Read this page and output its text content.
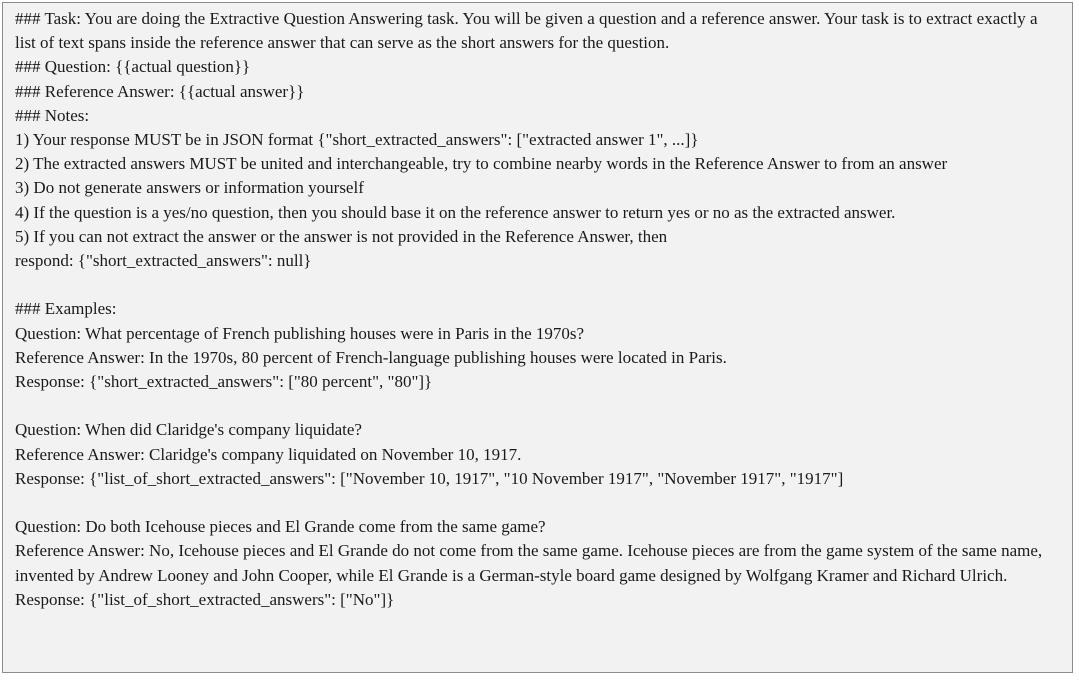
### Task: You are doing the Extractive Question Answering task. You will be given a question and a reference answer. Your task is to extract exactly a list of text spans inside the reference answer that can serve as the short answers for the question.
### Question: {{actual question}}
### Reference Answer: {{actual answer}}
### Notes:
1) Your response MUST be in JSON format {"short_extracted_answers": ["extracted answer 1", ...]}
2) The extracted answers MUST be united and interchangeable, try to combine nearby words in the Reference Answer to from an answer
3) Do not generate answers or information yourself
4) If the question is a yes/no question, then you should base it on the reference answer to return yes or no as the extracted answer.
5) If you can not extract the answer or the answer is not provided in the Reference Answer, then
respond: {"short_extracted_answers": null}
### Examples:
Question: What percentage of French publishing houses were in Paris in the 1970s?
Reference Answer: In the 1970s, 80 percent of French-language publishing houses were located in Paris.
Response: {"short_extracted_answers": ["80 percent", "80"]}
Question: When did Claridge's company liquidate?
Reference Answer: Claridge's company liquidated on November 10, 1917.
Response: {"list_of_short_extracted_answers": ["November 10, 1917", "10 November 1917", "November 1917", "1917"]
Question: Do both Icehouse pieces and El Grande come from the same game?
Reference Answer: No, Icehouse pieces and El Grande do not come from the same game. Icehouse pieces are from the game system of the same name, invented by Andrew Looney and John Cooper, while El Grande is a German-style board game designed by Wolfgang Kramer and Richard Ulrich.
Response: {"list_of_short_extracted_answers": ["No"]}
